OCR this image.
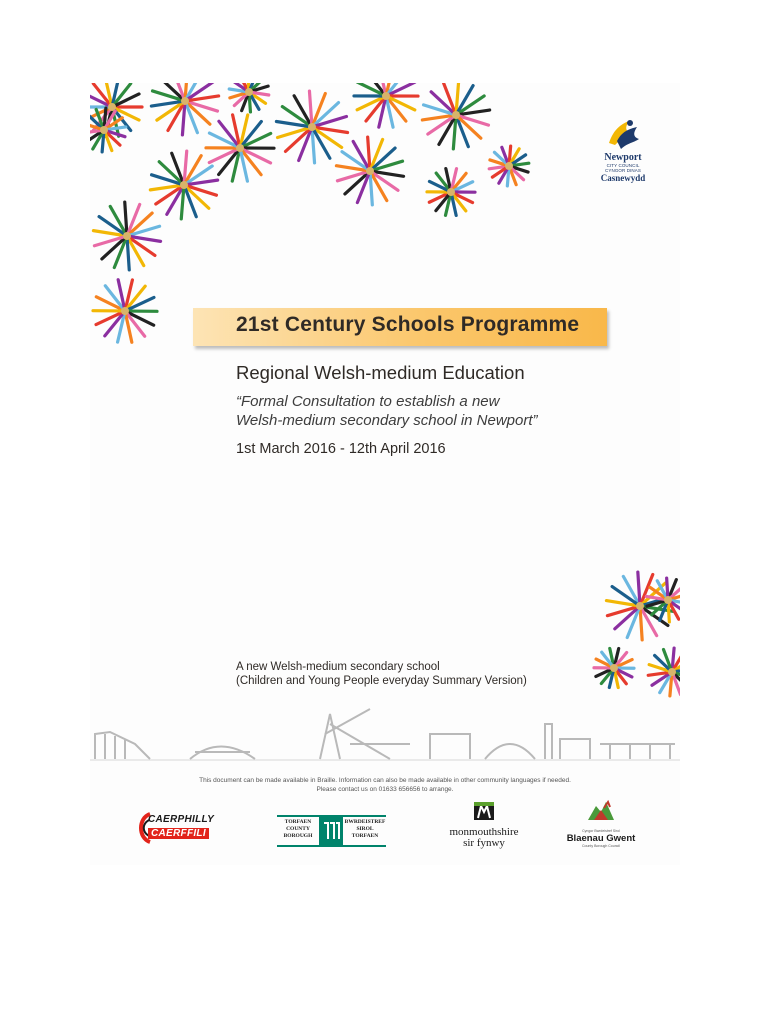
Newport
CITY COUNCIL
CYNGOR DINAS
Casnewydd
21st Century Schools Programme
Regional Welsh-medium Education
“Formal Consultation to establish a new
Welsh-medium secondary school in Newport”
1st March 2016 - 12th April 2016
A new Welsh-medium secondary school
(Children and Young People everyday Summary Version)
This document can be made available in Braille. Information can also be made available in other community languages if needed.
Please contact us on 01633 656656 to arrange.
CAERPHILLY
CAERFFILI
TORFAEN
COUNTY
BOROUGH
BWRDEISTREF
SIROL
TORFAEN	monmouthshire
sir fynwy
Cyngor Bwrdeistref Sirol
Blaenau Gwent
County Borough Council
